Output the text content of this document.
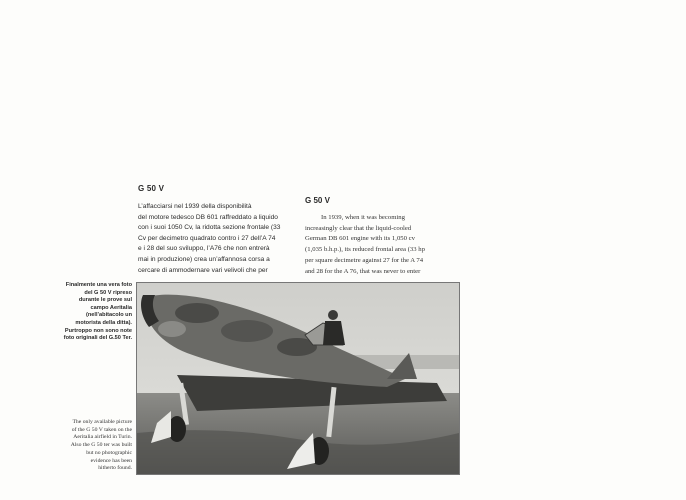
G 50 V
L’affacciarsi nel 1939 della disponibilità
del motore tedesco DB 601 raffreddato a liquido
con i suoi 1050 Cv, la ridotta sezione frontale (33
Cv per decimetro quadrato contro i 27 dell’A 74
e i 28 del suo sviluppo, l’A76 che non entrerà
mai in produzione) crea un’affannosa corsa a
cercare di ammodernare vari velivoli che per
G 50 V
In 1939, when it was becoming
increasingly clear that the liquid-cooled
German DB 601 engine with its 1,050 cv
(1,035 b.h.p.), its reduced frontal area (33 hp
per square decimetre against 27 for the A 74
and 28 for the A 76, that was never to enter
Finalmente una vera foto
del G 50 V ripreso
durante le prove sul
campo Aeritalia
(nell’abitacolo un
motorista della ditta).
Purtroppo non sono note
foto originali del G.50 Ter.
The only available picture
of the G 50 V taken on the
Aeritalia airfield in Turin.
Also the G 50 ter was built
but no photographic
evidence has been
hitherto found.
